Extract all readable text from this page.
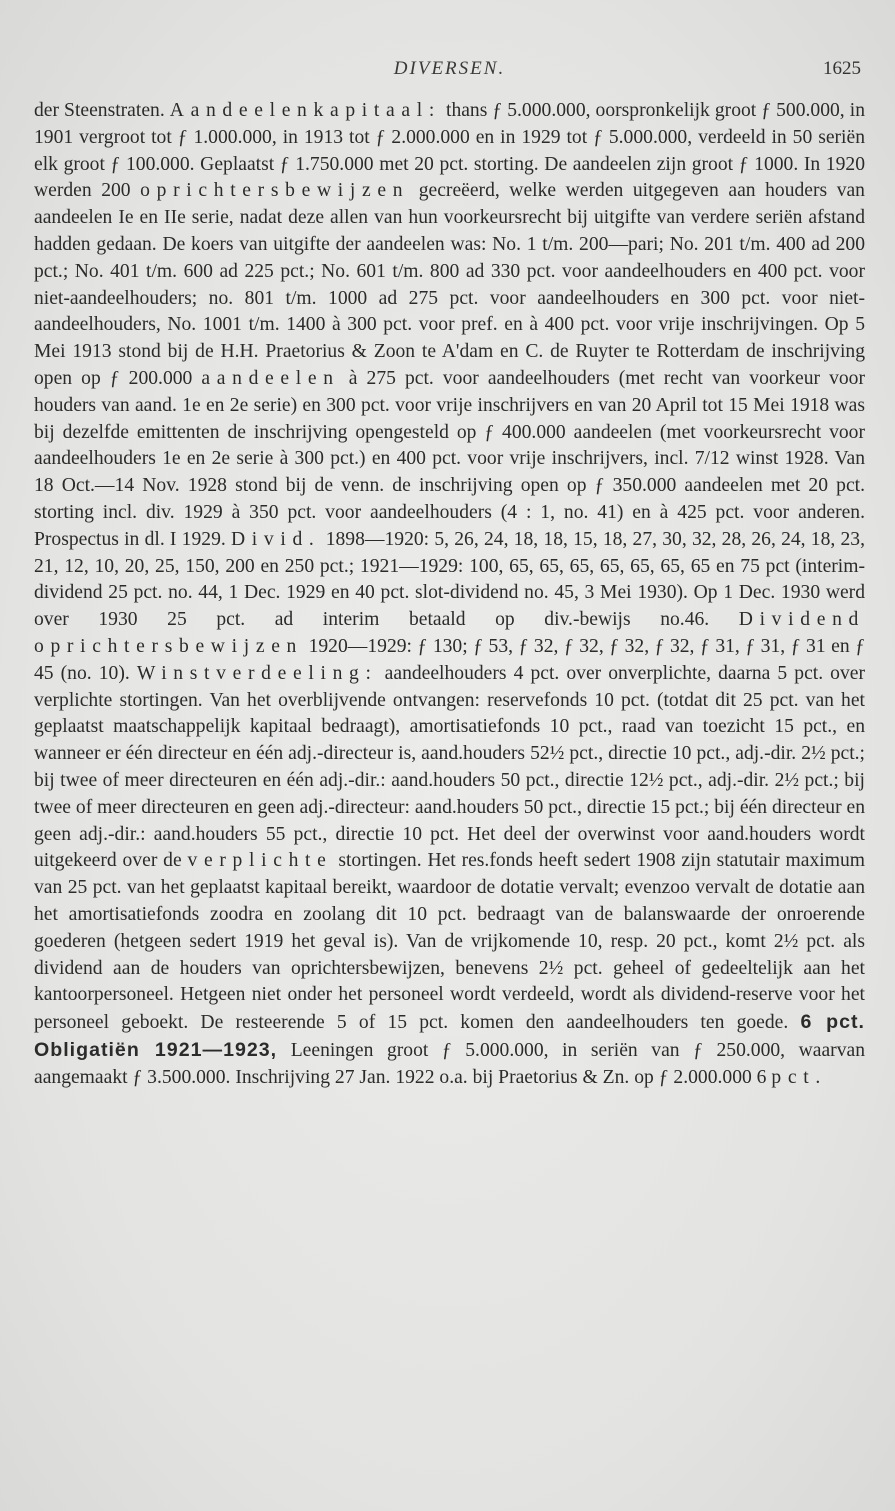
DIVERSEN.	1625

der Steenstraten. Aandeelenkapitaal: thans ƒ 5.000.000, oorspronkelijk groot ƒ 500.000, in 1901 vergroot tot ƒ 1.000.000, in 1913 tot ƒ 2.000.000 en in 1929 tot ƒ 5.000.000, verdeeld in 50 seriën elk groot ƒ 100.000. Geplaatst ƒ 1.750.000 met 20 pct. storting. De aandeelen zijn groot ƒ 1000. In 1920 werden 200 oprichtersbewijzen gecreëerd, welke werden uitgegeven aan houders van aandeelen Ie en IIe serie, nadat deze allen van hun voorkeursrecht bij uitgifte van verdere seriën afstand hadden gedaan. De koers van uitgifte der aandeelen was: No. 1 t/m. 200—pari; No. 201 t/m. 400 ad 200 pct.; No. 401 t/m. 600 ad 225 pct.; No. 601 t/m. 800 ad 330 pct. voor aandeelhouders en 400 pct. voor niet-aandeelhouders; no. 801 t/m. 1000 ad 275 pct. voor aandeelhouders en 300 pct. voor niet-aandeelhouders, No. 1001 t/m. 1400 à 300 pct. voor pref. en à 400 pct. voor vrije inschrijvingen. Op 5 Mei 1913 stond bij de H.H. Praetorius & Zoon te A'dam en C. de Ruyter te Rotterdam de inschrijving open op ƒ 200.000 aandeelen à 275 pct. voor aandeelhouders (met recht van voorkeur voor houders van aand. 1e en 2e serie) en 300 pct. voor vrije inschrijvers en van 20 April tot 15 Mei 1918 was bij dezelfde emittenten de inschrijving opengesteld op ƒ 400.000 aandeelen (met voorkeursrecht voor aandeelhouders 1e en 2e serie à 300 pct.) en 400 pct. voor vrije inschrijvers, incl. 7/12 winst 1928. Van 18 Oct.—14 Nov. 1928 stond bij de venn. de inschrijving open op ƒ 350.000 aandeelen met 20 pct. storting incl. div. 1929 à 350 pct. voor aandeelhouders (4 : 1, no. 41) en à 425 pct. voor anderen. Prospectus in dl. I 1929. Divid. 1898—1920: 5, 26, 24, 18, 18, 15, 18, 27, 30, 32, 28, 26, 24, 18, 23, 21, 12, 10, 20, 25, 150, 200 en 250 pct.; 1921—1929: 100, 65, 65, 65, 65, 65, 65, 65 en 75 pct (interim-dividend 25 pct. no. 44, 1 Dec. 1929 en 40 pct. slot-dividend no. 45, 3 Mei 1930). Op 1 Dec. 1930 werd over 1930 25 pct. ad interim betaald op div.-bewijs no.46. Dividend oprichtersbewijzen 1920—1929: ƒ 130; ƒ 53, ƒ 32, ƒ 32, ƒ 32, ƒ 32, ƒ 31, ƒ 31, ƒ 31 en ƒ 45 (no. 10). Winstverdeeling: aandeelhouders 4 pct. over onverplichte, daarna 5 pct. over verplichte stortingen. Van het overblijvende ontvangen: reservefonds 10 pct. (totdat dit 25 pct. van het geplaatst maatschappelijk kapitaal bedraagt), amortisatiefonds 10 pct., raad van toezicht 15 pct., en wanneer er één directeur en één adj.-directeur is, aand.houders 52½ pct., directie 10 pct., adj.-dir. 2½ pct.; bij twee of meer directeuren en één adj.-dir.: aand.houders 50 pct., directie 12½ pct., adj.-dir. 2½ pct.; bij twee of meer directeuren en geen adj.-directeur: aand.houders 50 pct., directie 15 pct.; bij één directeur en geen adj.-dir.: aand.houders 55 pct., directie 10 pct. Het deel der overwinst voor aand.houders wordt uitgekeerd over de verplichte stortingen. Het res.fonds heeft sedert 1908 zijn statutair maximum van 25 pct. van het geplaatst kapitaal bereikt, waardoor de dotatie vervalt; evenzoo vervalt de dotatie aan het amortisatiefonds zoodra en zoolang dit 10 pct. bedraagt van de balanswaarde der onroerende goederen (hetgeen sedert 1919 het geval is). Van de vrijkomende 10, resp. 20 pct., komt 2½ pct. als dividend aan de houders van oprichtersbewijzen, benevens 2½ pct. geheel of gedeeltelijk aan het kantoorpersoneel. Hetgeen niet onder het personeel wordt verdeeld, wordt als dividend-reserve voor het personeel geboekt. De resteerende 5 of 15 pct. komen den aandeelhouders ten goede. 6 pct. Obligatiën 1921—1923, Leeningen groot ƒ 5.000.000, in seriën van ƒ 250.000, waarvan aangemaakt ƒ 3.500.000. Inschrijving 27 Jan. 1922 o.a. bij Praetorius & Zn. op ƒ 2.000.000 6 pct.
